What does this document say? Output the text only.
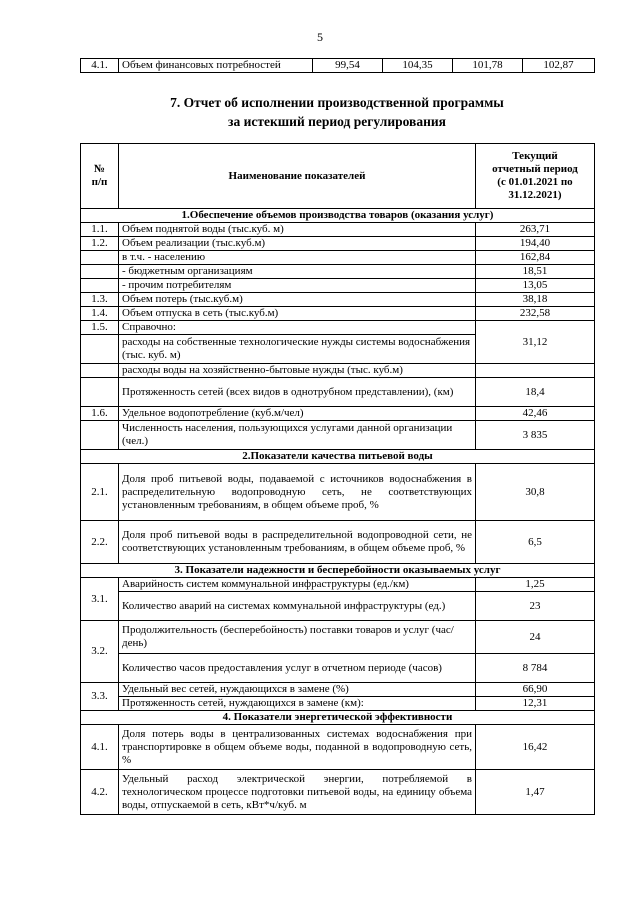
5
4.1.	Объем финансовых потребностей	99,54	104,35	101,78	102,87
7. Отчет об исполнении производственной программы
за истекший период регулирования
№
п/п	Наименование показателей	Текущий
отчетный период
(с 01.01.2021 по
31.12.2021)
1.Обеспечение объемов производства товаров (оказания услуг)		
1.1.	Объем поднятой воды (тыс.куб. м)	263,71
1.2.	Объем реализации (тыс.куб.м)	194,40
	в т.ч. - населению	162,84
	- бюджетным организациям	18,51
	- прочим потребителям	13,05
1.3.	Объем потерь (тыс.куб.м)	38,18
1.4.	Объем отпуска в сеть (тыс.куб.м)	232,58
1.5.	Справочно:	31,12
	расходы на собственные технологические нужды системы водоснабжения (тыс. куб. м)	
	расходы воды на хозяйственно-бытовые нужды (тыс. куб.м)	
	Протяженность сетей (всех видов в однотрубном представлении), (км)	18,4
1.6.	Удельное водопотребление (куб.м/чел)	42,46
	Численность населения, пользующихся услугами данной организации (чел.)	3 835
2.Показатели качества питьевой воды		
2.1.	Доля проб питьевой воды, подаваемой с источников водоснабжения в распределительную водопроводную сеть, не соответствующих установленным требованиям, в общем объеме проб, %	30,8
2.2.	Доля проб питьевой воды в распределительной водопроводной сети, не соответствующих установленным требованиям, в общем объеме проб, %	6,5
3. Показатели надежности и бесперебойности оказываемых услуг		
3.1.	Аварийность систем коммунальной инфраструктуры (ед./км)	1,25
	Количество аварий на системах коммунальной инфраструктуры (ед.)	23
3.2.	Продолжительность (бесперебойность) поставки товаров и услуг (час/день)	24
	Количество часов предоставления услуг в отчетном периоде (часов)	8 784
3.3.	Удельный вес сетей, нуждающихся в замене (%)	66,90
	Протяженность сетей, нуждающихся в замене (км):	12,31
4. Показатели энергетической эффективности		
4.1.	Доля потерь воды в централизованных системах водоснабжения при транспортировке в общем объеме воды, поданной в водопроводную сеть, %	16,42
4.2.	Удельный расход электрической энергии, потребляемой в технологическом процессе подготовки питьевой воды, на единицу объема воды, отпускаемой в сеть, кВт*ч/куб. м	1,47
